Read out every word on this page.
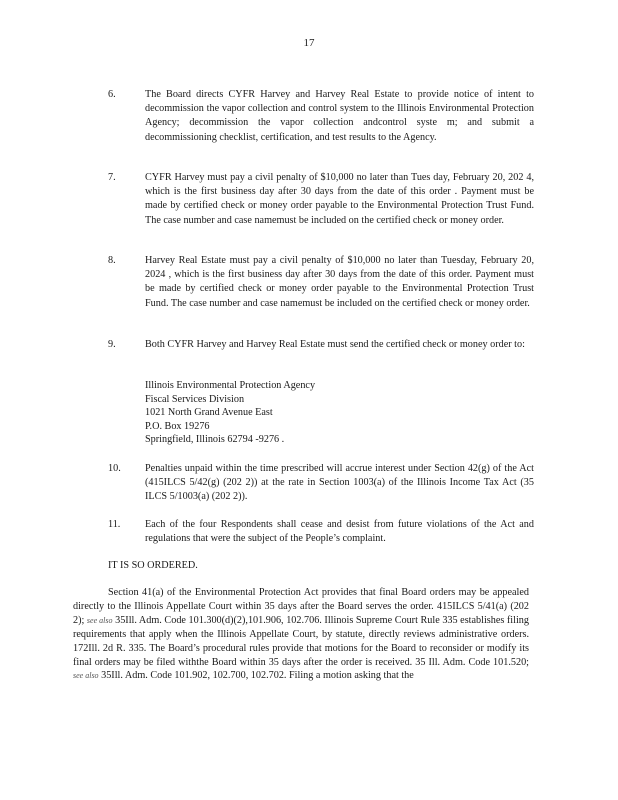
17
6.	The Board directs CYFR Harvey and Harvey Real Estate to provide notice of intent to decommission the vapor collection and control system to the Illinois Environmental Protection Agency; decommission the vapor collection andcontrol syste m; and submit a decommissioning checklist, certification, and test results to the Agency.
7.	CYFR Harvey must pay a civil penalty of $10,000 no later than Tues day, February 20, 202 4, which is the first business day after 30 days from the date of this order . Payment must be made by certified check or money order payable to the Environmental Protection Trust Fund. The case number and case namemust be included on the certified check or money order.
8.	Harvey Real Estate must pay a civil penalty of $10,000 no later than Tuesday, February 20, 2024 , which is the first business day after 30 days from the date of this order. Payment must be made by certified check or money order payable to the Environmental Protection Trust Fund. The case number and case namemust be included on the certified check or money order.
9.	Both CYFR Harvey and Harvey Real Estate must send the certified check or money order to:
Illinois Environmental Protection Agency
Fiscal Services Division
1021 North Grand Avenue East
P.O. Box 19276
Springfield, Illinois 62794 -9276 .
10. Penalties unpaid within the time prescribed will accrue interest under Section 42(g) of the Act (415ILCS 5/42(g) (202 2)) at the rate in Section 1003(a) of the Illinois Income Tax Act (35 ILCS 5/1003(a) (202 2)).
11. Each of the four Respondents shall cease and desist from future violations of the Act and regulations that were the subject of the People’s complaint.
IT IS SO ORDERED.
Section 41(a) of the Environmental Protection Act provides that final Board orders may be appealed directly to the Illinois Appellate Court within 35 days after the Board serves the order. 415ILCS 5/41(a) (202 2); see also 35Ill. Adm. Code 101.300(d)(2),101.906, 102.706. Illinois Supreme Court Rule 335 establishes filing requirements that apply when the Illinois Appellate Court, by statute, directly reviews administrative orders. 172Ill. 2d R. 335. The Board’s procedural rules provide that motions for the Board to reconsider or modify its final orders may be filed withthe Board within 35 days after the order is received. 35 Ill. Adm. Code 101.520; see also 35Ill. Adm. Code 101.902, 102.700, 102.702. Filing a motion asking that the
